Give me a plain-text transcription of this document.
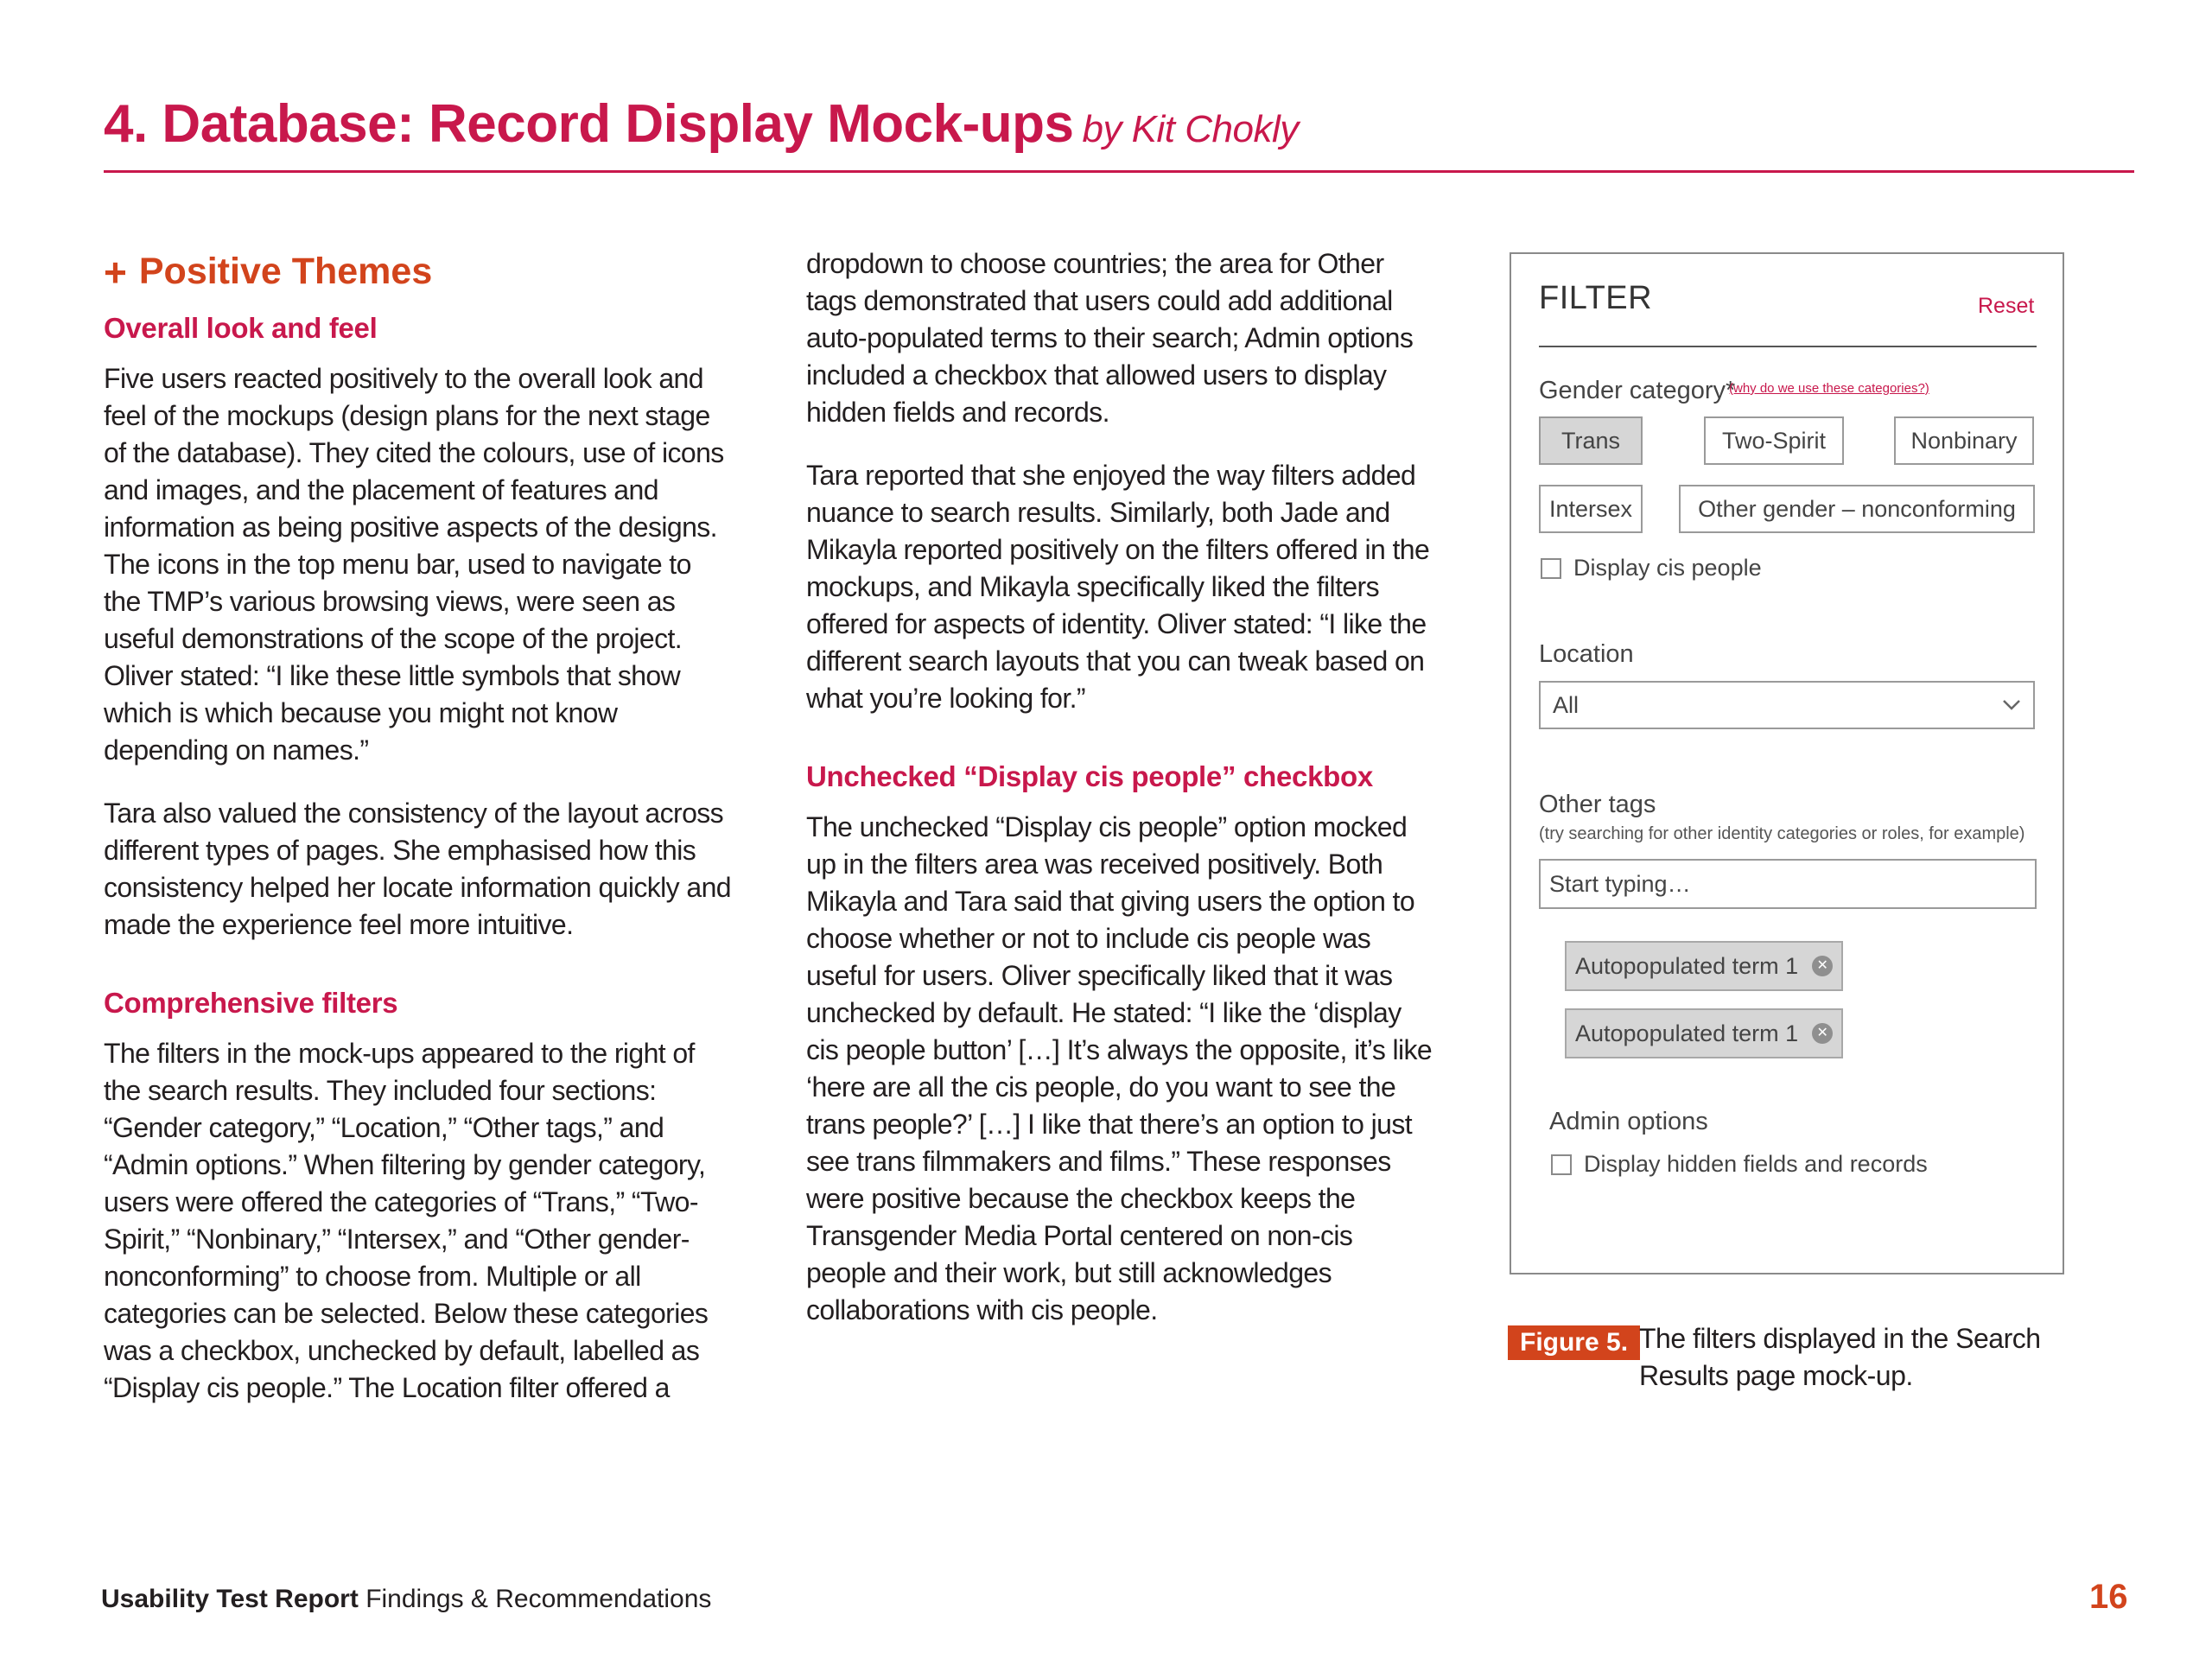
4. Database: Record Display Mock-ups by Kit Chokly
+ Positive Themes
Overall look and feel

Five users reacted positively to the overall look and feel of the mockups (design plans for the next stage of the database). They cited the colours, use of icons and images, and the placement of features and information as being positive aspects of the designs. The icons in the top menu bar, used to navigate to the TMP’s various browsing views, were seen as useful demonstrations of the scope of the project. Oliver stated: “I like these little symbols that show which is which because you might not know depending on names.”

Tara also valued the consistency of the layout across different types of pages. She emphasised how this consistency helped her locate information quickly and made the experience feel more intuitive.

Comprehensive filters

The filters in the mock-ups appeared to the right of the search results. They included four sections: “Gender category,” “Location,” “Other tags,” and “Admin options.” When filtering by gender category, users were offered the categories of “Trans,” “Two-Spirit,” “Nonbinary,” “Intersex,” and “Other gender-nonconforming” to choose from. Multiple or all categories can be selected. Below these categories was a checkbox, unchecked by default, labelled as “Display cis people.” The Location filter offered a

dropdown to choose countries; the area for Other tags demonstrated that users could add additional auto-populated terms to their search; Admin options included a checkbox that allowed users to display hidden fields and records.

Tara reported that she enjoyed the way filters added nuance to search results. Similarly, both Jade and Mikayla reported positively on the filters offered in the mockups, and Mikayla specifically liked the filters offered for aspects of identity. Oliver stated: “I like the different search layouts that you can tweak based on what you’re looking for.”

Unchecked “Display cis people” checkbox

The unchecked “Display cis people” option mocked up in the filters area was received positively. Both Mikayla and Tara said that giving users the option to choose whether or not to include cis people was useful for users. Oliver specifically liked that it was unchecked by default. He stated: “I like the ‘display cis people button’ […] It’s always the opposite, it’s like ‘here are all the cis people, do you want to see the trans people?’ […] I like that there’s an option to just see trans filmmakers and films.” These responses were positive because the checkbox keeps the Transgender Media Portal centered on non-cis people and their work, but still acknowledges collaborations with cis people.

FILTER	Reset
Gender category*
(why do we use these categories?)
Trans	Two-Spirit	Nonbinary
Intersex	Other gender – nonconforming
Display cis people
Location
All
Other tags
(try searching for other identity categories or roles, for example)
Start typing…
Autopopulated term 1	✕
Autopopulated term 1	✕
Admin options
Display hidden fields and records
Figure 5. The filters displayed in the Search Results page mock-up.
Usability Test Report Findings & Recommendations	16
